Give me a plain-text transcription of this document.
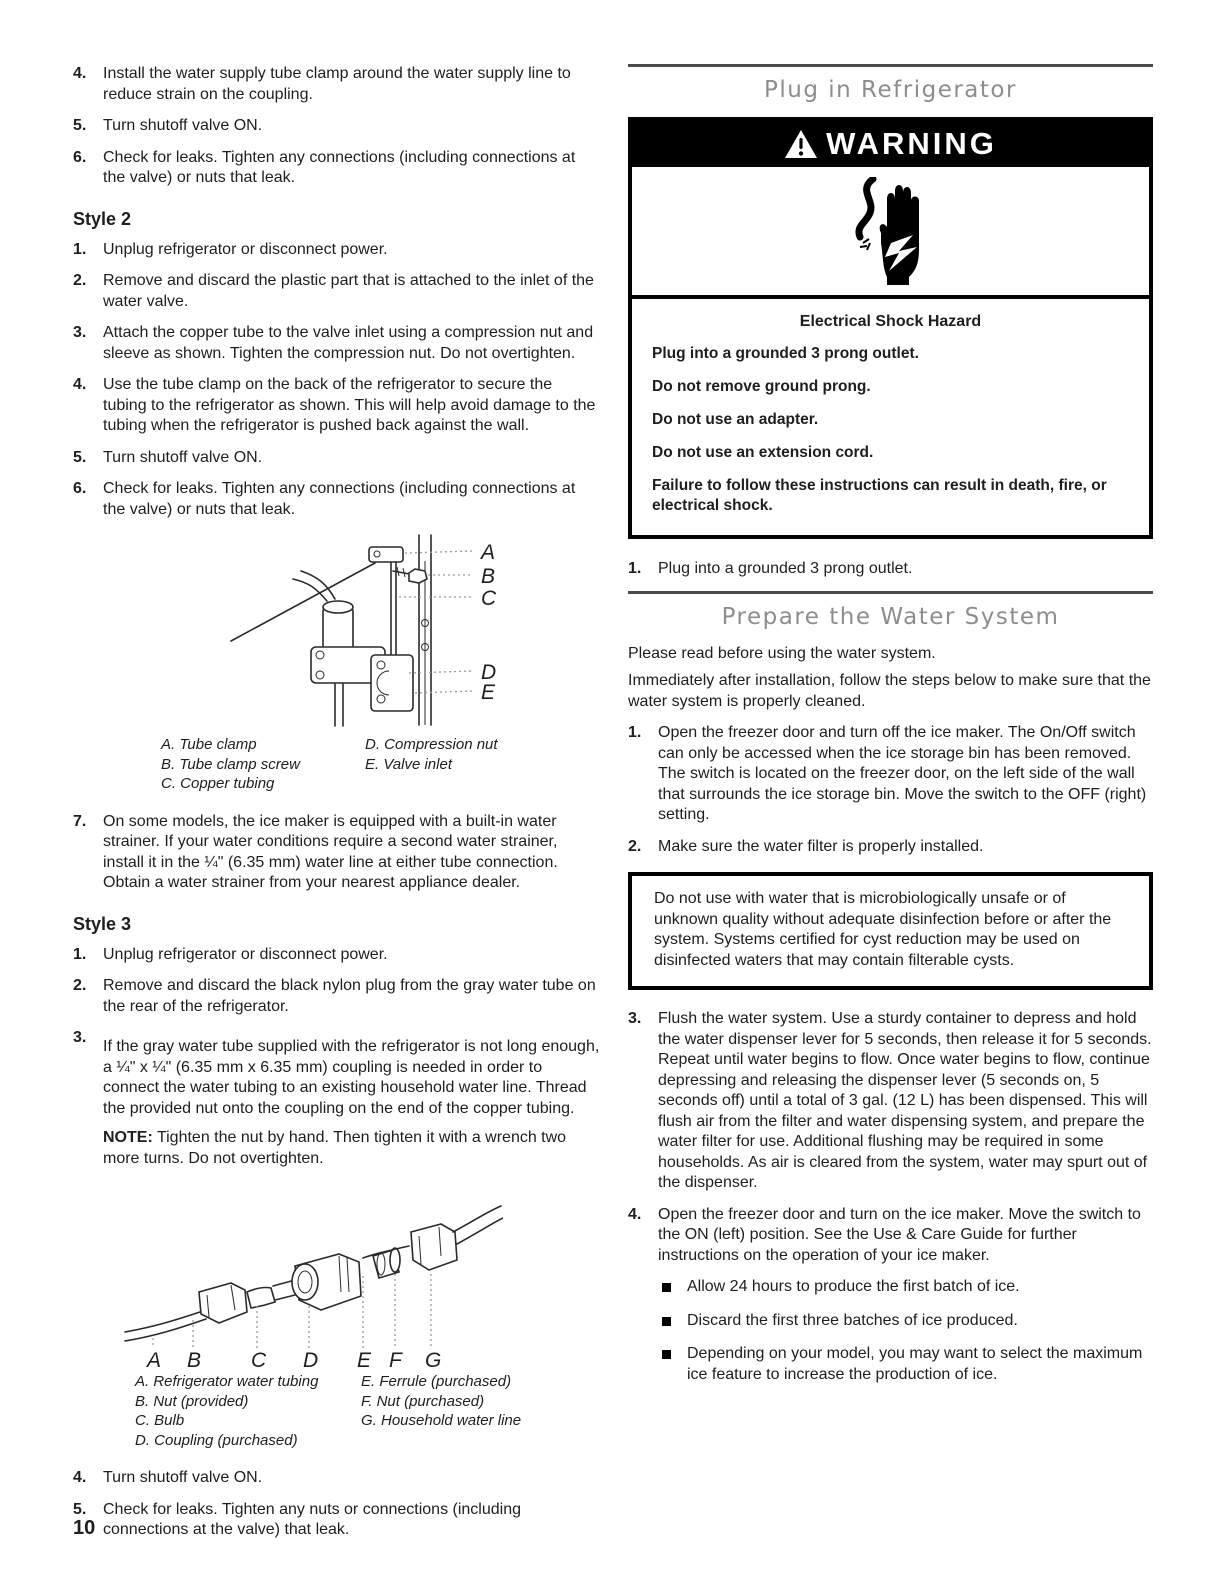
4.	Install the water supply tube clamp around the water supply line to reduce strain on the coupling.

5.	Turn shutoff valve ON.

6.	Check for leaks. Tighten any connections (including connections at the valve) or nuts that leak.

Style 2
1.	Unplug refrigerator or disconnect power.

2.	Remove and discard the plastic part that is attached to the inlet of the water valve.

3.	Attach the copper tube to the valve inlet using a compression nut and sleeve as shown. Tighten the compression nut. Do not overtighten.

4.	Use the tube clamp on the back of the refrigerator to secure the tubing to the refrigerator as shown. This will help avoid damage to the tubing when the refrigerator is pushed back against the wall.

5.	Turn shutoff valve ON.

6.	Check for leaks. Tighten any connections (including connections at the valve) or nuts that leak.

A
B
C
D
E

A. Tube clamp

B. Tube clamp screw

C. Copper tubing

D. Compression nut

E. Valve inlet

7.	On some models, the ice maker is equipped with a built-in water strainer. If your water conditions require a second water strainer, install it in the ¼" (6.35 mm) water line at either tube connection. Obtain a water strainer from your nearest appliance dealer.

Style 3
1.	Unplug refrigerator or disconnect power.

2.	Remove and discard the black nylon plug from the gray water tube on the rear of the refrigerator.

3.

If the gray water tube supplied with the refrigerator is not long enough, a ¼" x ¼" (6.35 mm x 6.35 mm) coupling is needed in order to connect the water tubing to an existing household water line. Thread the provided nut onto the coupling on the end of the copper tubing.

NOTE: Tighten the nut by hand. Then tighten it with a wrench two more turns. Do not overtighten.

A B C D E F G

A. Refrigerator water tubing

B. Nut (provided)

C. Bulb

D. Coupling (purchased)

E. Ferrule (purchased)

F. Nut (purchased)

G. Household water line

4.	Turn shutoff valve ON.

5.	Check for leaks. Tighten any nuts or connections (including connections at the valve) that leak.

Plug in Refrigerator
WARNING
Electrical Shock Hazard

Plug into a grounded 3 prong outlet.

Do not remove ground prong.

Do not use an adapter.

Do not use an extension cord.

Failure to follow these instructions can result in death, fire, or electrical shock.

1.	Plug into a grounded 3 prong outlet.

Prepare the Water System

Please read before using the water system.

Immediately after installation, follow the steps below to make sure that the water system is properly cleaned.

1.	Open the freezer door and turn off the ice maker. The On/Off switch can only be accessed when the ice storage bin has been removed. The switch is located on the freezer door, on the left side of the wall that surrounds the ice storage bin. Move the switch to the OFF (right) setting.

2.	Make sure the water filter is properly installed.

Do not use with water that is microbiologically unsafe or of unknown quality without adequate disinfection before or after the system. Systems certified for cyst reduction may be used on disinfected waters that may contain filterable cysts.

3.	Flush the water system. Use a sturdy container to depress and hold the water dispenser lever for 5 seconds, then release it for 5 seconds. Repeat until water begins to flow. Once water begins to flow, continue depressing and releasing the dispenser lever (5 seconds on, 5 seconds off) until a total of 3 gal. (12 L) has been dispensed. This will flush air from the filter and water dispensing system, and prepare the water filter for use. Additional flushing may be required in some households. As air is cleared from the system, water may spurt out of the dispenser.

4.	Open the freezer door and turn on the ice maker. Move the switch to the ON (left) position. See the Use & Care Guide for further instructions on the operation of your ice maker.

Allow 24 hours to produce the first batch of ice.

Discard the first three batches of ice produced.

Depending on your model, you may want to select the maximum ice feature to increase the production of ice.

10
